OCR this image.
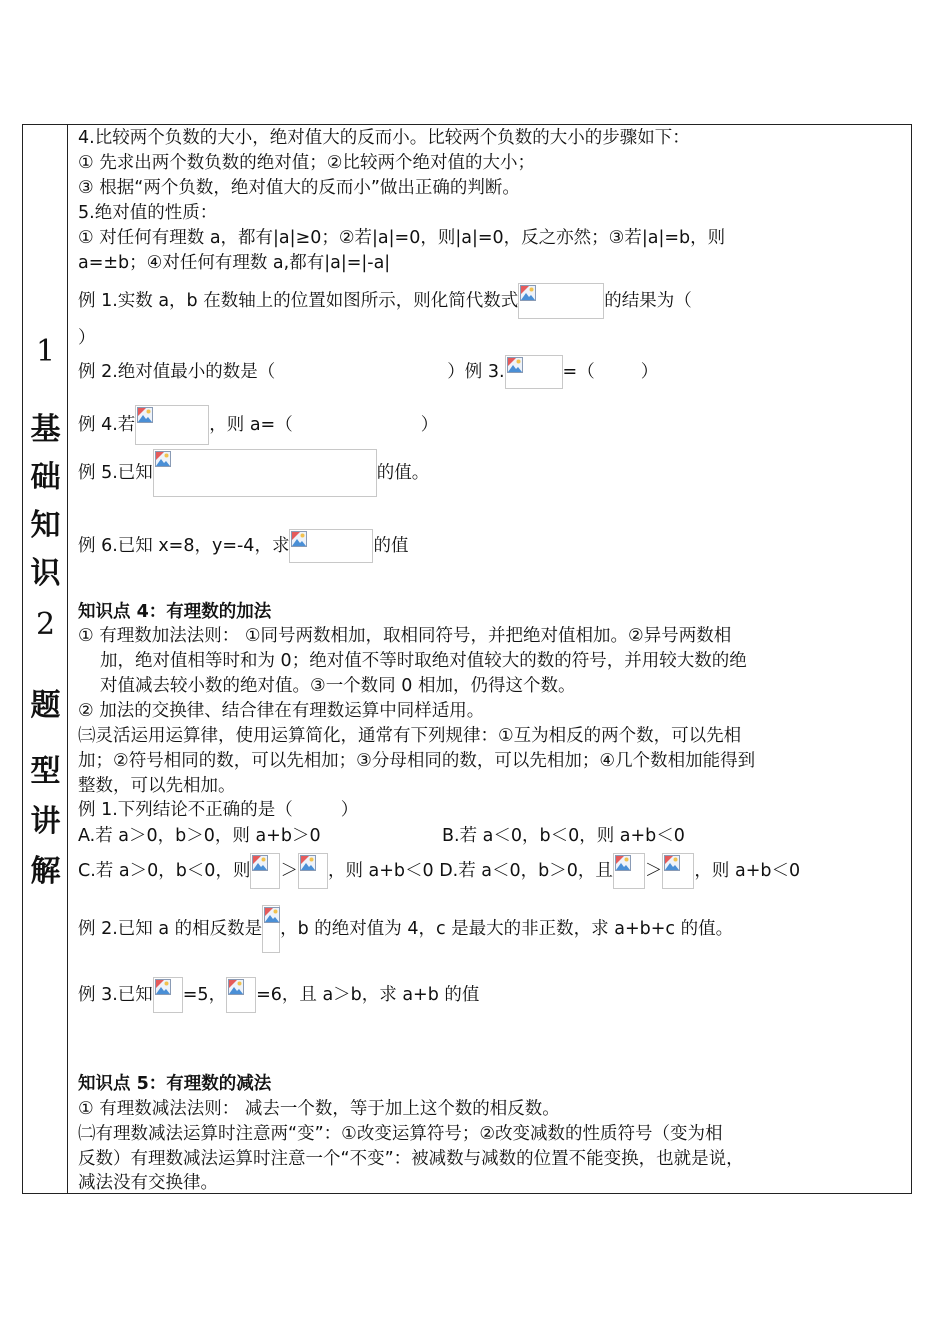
1
基
础
知
识
2
题
型
讲
解
4.比较两个负数的大小，绝对值大的反而小。比较两个负数的大小的步骤如下：
① 先求出两个数负数的绝对值；②比较两个绝对值的大小；
③ 根据“两个负数，绝对值大的反而小”做出正确的判断。
5.绝对值的性质：
① 对任何有理数 a，都有|a|≥0；②若|a|=0，则|a|=0，反之亦然；③若|a|=b，则
a=±b；④对任何有理数 a,都有|a|=|-a|
例 1.实数 a，b 在数轴上的位置如图所示，则化简代数式	的结果为（
）
例 2.绝对值最小的数是（	）例 3.	=（	）
例 4.若	，则 a=（	）
例 5.已知	的值。
例 6.已知 x=8，y=-4，求	的值
知识点 4：有理数的加法
① 有理数加法法则： ①同号两数相加，取相同符号，并把绝对值相加。②异号两数相
加，绝对值相等时和为 0；绝对值不等时取绝对值较大的数的符号，并用较大数的绝
对值减去较小数的绝对值。③一个数同 0 相加，仍得这个数。
② 加法的交换律、结合律在有理数运算中同样适用。
㈢灵活运用运算律，使用运算简化，通常有下列规律：①互为相反的两个数，可以先相
加；②符号相同的数，可以先相加；③分母相同的数，可以先相加；④几个数相加能得到
整数，可以先相加。
例 1.下列结论不正确的是（	）
A.若 a＞0，b＞0，则 a+b＞0	B.若 a＜0，b＜0，则 a+b＜0
C.若 a＞0，b＜0，则 ＞ ，则 a+b＜0 D.若 a＜0，b＞0，且 ＞ ，则 a+b＜0
例 2.已知 a 的相反数是 ，b 的绝对值为 4，c 是最大的非正数，求 a+b+c 的值。
例 3.已知 =5， =6，且 a＞b，求 a+b 的值
知识点 5：有理数的减法
① 有理数减法法则： 减去一个数，等于加上这个数的相反数。
㈡有理数减法运算时注意两“变”：①改变运算符号；②改变减数的性质符号（变为相
反数）有理数减法运算时注意一个“不变”：被减数与减数的位置不能变换，也就是说，
减法没有交换律。
